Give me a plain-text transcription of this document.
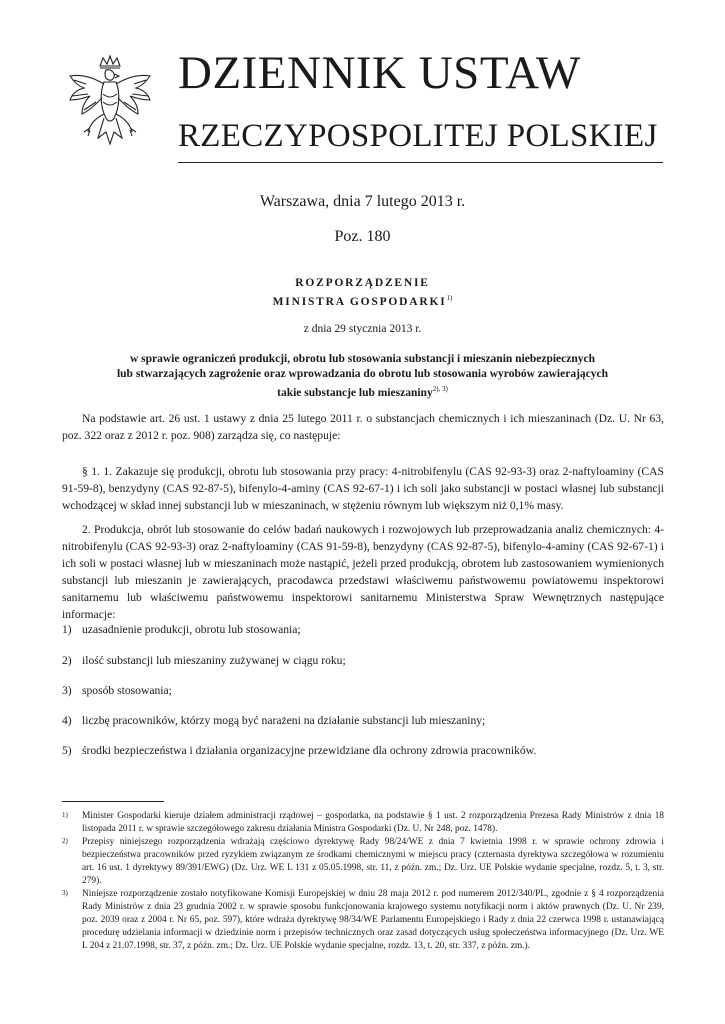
DZIENNIK USTAW
RZECZYPOSPOLITEJ POLSKIEJ
Warszawa, dnia 7 lutego 2013 r.
Poz. 180
ROZPORZĄDZENIE
MINISTRA GOSPODARKI$^{1)}$
z dnia 29 stycznia 2013 r.
w sprawie ograniczeń produkcji, obrotu lub stosowania substancji i mieszanin niebezpiecznych
lub stwarzających zagrożenie oraz wprowadzania do obrotu lub stosowania wyrobów zawierających
takie substancje lub mieszaniny$^{2), 3)}$
Na podstawie art. 26 ust. 1 ustawy z dnia 25 lutego 2011 r. o substancjach chemicznych i ich mieszaninach (Dz. U. Nr 63, poz. 322 oraz z 2012 r. poz. 908) zarządza się, co następuje:
§ 1. 1. Zakazuje się produkcji, obrotu lub stosowania przy pracy: 4-nitrobifenylu (CAS 92-93-3) oraz 2-naftyloaminy (CAS 91-59-8), benzydyny (CAS 92-87-5), bifenylo-4-aminy (CAS 92-67-1) i ich soli jako substancji w postaci własnej lub substancji wchodzącej w skład innej substancji lub w mieszaninach, w stężeniu równym lub większym niż 0,1% masy.
2. Produkcja, obrót lub stosowanie do celów badań naukowych i rozwojowych lub przeprowadzania analiz chemicznych: 4-nitrobifenylu (CAS 92-93-3) oraz 2-naftyloaminy (CAS 91-59-8), benzydyny (CAS 92-87-5), bifenylo-4-aminy (CAS 92-67-1) i ich soli w postaci własnej lub w mieszaninach może nastąpić, jeżeli przed produkcją, obrotem lub zastosowaniem wymienionych substancji lub mieszanin je zawierających, pracodawca przedstawi właściwemu państwowemu powiatowemu inspektorowi sanitarnemu lub właściwemu państwowemu inspektorowi sanitarnemu Ministerstwa Spraw Wewnętrznych następujące informacje:
1) uzasadnienie produkcji, obrotu lub stosowania;
2) ilość substancji lub mieszaniny zużywanej w ciągu roku;
3) sposób stosowania;
4) liczbę pracowników, którzy mogą być narażeni na działanie substancji lub mieszaniny;
5) środki bezpieczeństwa i działania organizacyjne przewidziane dla ochrony zdrowia pracowników.
1) Minister Gospodarki kieruje działem administracji rządowej – gospodarka, na podstawie § 1 ust. 2 rozporządzenia Prezesa Rady Ministrów z dnia 18 listopada 2011 r. w sprawie szczegółowego zakresu działania Ministra Gospodarki (Dz. U. Nr 248, poz. 1478).
2) Przepisy niniejszego rozporządzenia wdrażają częściowo dyrektywę Rady 98/24/WE z dnia 7 kwietnia 1998 r. w sprawie ochrony zdrowia i bezpieczeństwa pracowników przed ryzykiem związanym ze środkami chemicznymi w miejscu pracy (czternasta dyrektywa szczegółowa w rozumieniu art. 16 ust. 1 dyrektywy 89/391/EWG) (Dz. Urz. WE L 131 z 05.05.1998, str. 11, z późn. zm.; Dz. Urz. UE Polskie wydanie specjalne, rozdz. 5, t. 3, str. 279).
3) Niniejsze rozporządzenie zostało notyfikowane Komisji Europejskiej w dniu 28 maja 2012 r. pod numerem 2012/340/PL, zgodnie z § 4 rozporządzenia Rady Ministrów z dnia 23 grudnia 2002 r. w sprawie sposobu funkcjonowania krajowego systemu notyfikacji norm i aktów prawnych (Dz. U. Nr 239, poz. 2039 oraz z 2004 r. Nr 65, poz. 597), które wdraża dyrektywę 98/34/WE Parlamentu Europejskiego i Rady z dnia 22 czerwca 1998 r. ustanawiającą procedurę udzielania informacji w dziedzinie norm i przepisów technicznych oraz zasad dotyczących usług społeczeństwa informacyjnego (Dz. Urz. WE L 204 z 21.07.1998, str. 37, z późn. zm.; Dz. Urz. UE Polskie wydanie specjalne, rozdz. 13, t. 20, str. 337, z późn. zm.).
